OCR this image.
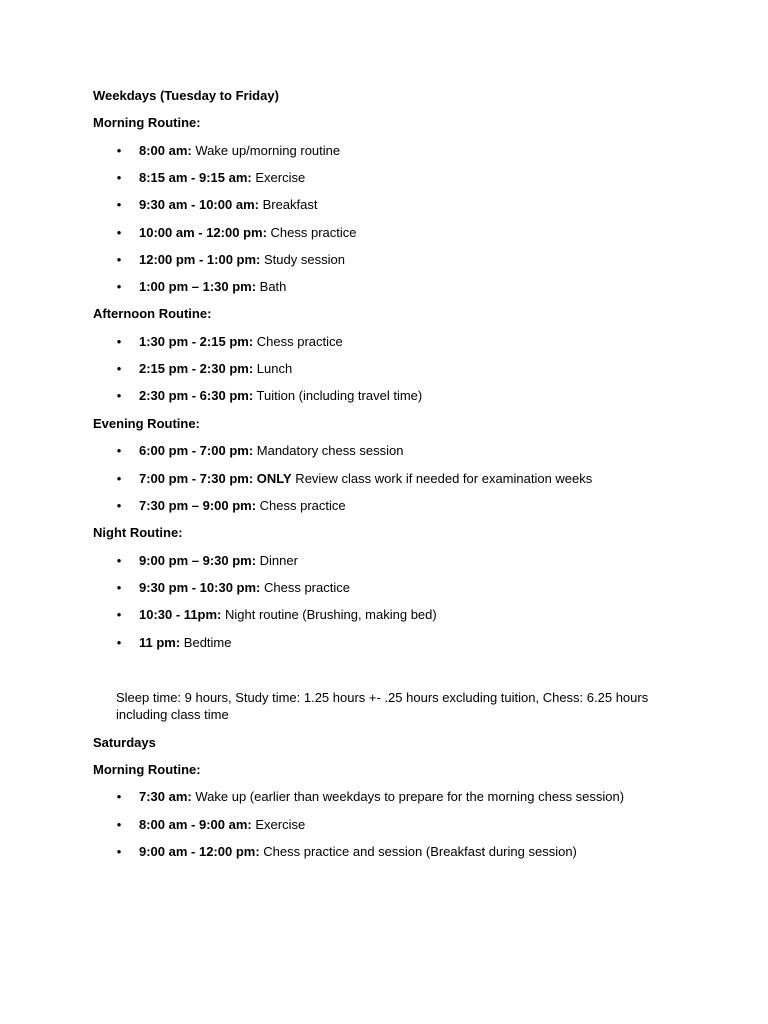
Weekdays (Tuesday to Friday)
Morning Routine:
•	8:00 am: Wake up/morning routine
•	8:15 am - 9:15 am: Exercise
•	9:30 am - 10:00 am: Breakfast
•	10:00 am - 12:00 pm: Chess practice
•	12:00 pm - 1:00 pm: Study session
•	1:00 pm – 1:30 pm: Bath
Afternoon Routine:
•	1:30 pm - 2:15 pm: Chess practice
•	2:15 pm - 2:30 pm: Lunch
•	2:30 pm - 6:30 pm: Tuition (including travel time)
Evening Routine:
•	6:00 pm - 7:00 pm: Mandatory chess session
•	7:00 pm - 7:30 pm: ONLY Review class work if needed for examination weeks
•	7:30 pm – 9:00 pm: Chess practice
Night Routine:
•	9:00 pm – 9:30 pm: Dinner
•	9:30 pm - 10:30 pm: Chess practice
•	10:30 - 11pm: Night routine (Brushing, making bed)
•	11 pm: Bedtime
Sleep time: 9 hours, Study time: 1.25 hours +- .25 hours excluding tuition, Chess: 6.25 hours including class time
Saturdays
Morning Routine:
•	7:30 am: Wake up (earlier than weekdays to prepare for the morning chess session)
•	8:00 am - 9:00 am: Exercise
•	9:00 am - 12:00 pm: Chess practice and session (Breakfast during session)
